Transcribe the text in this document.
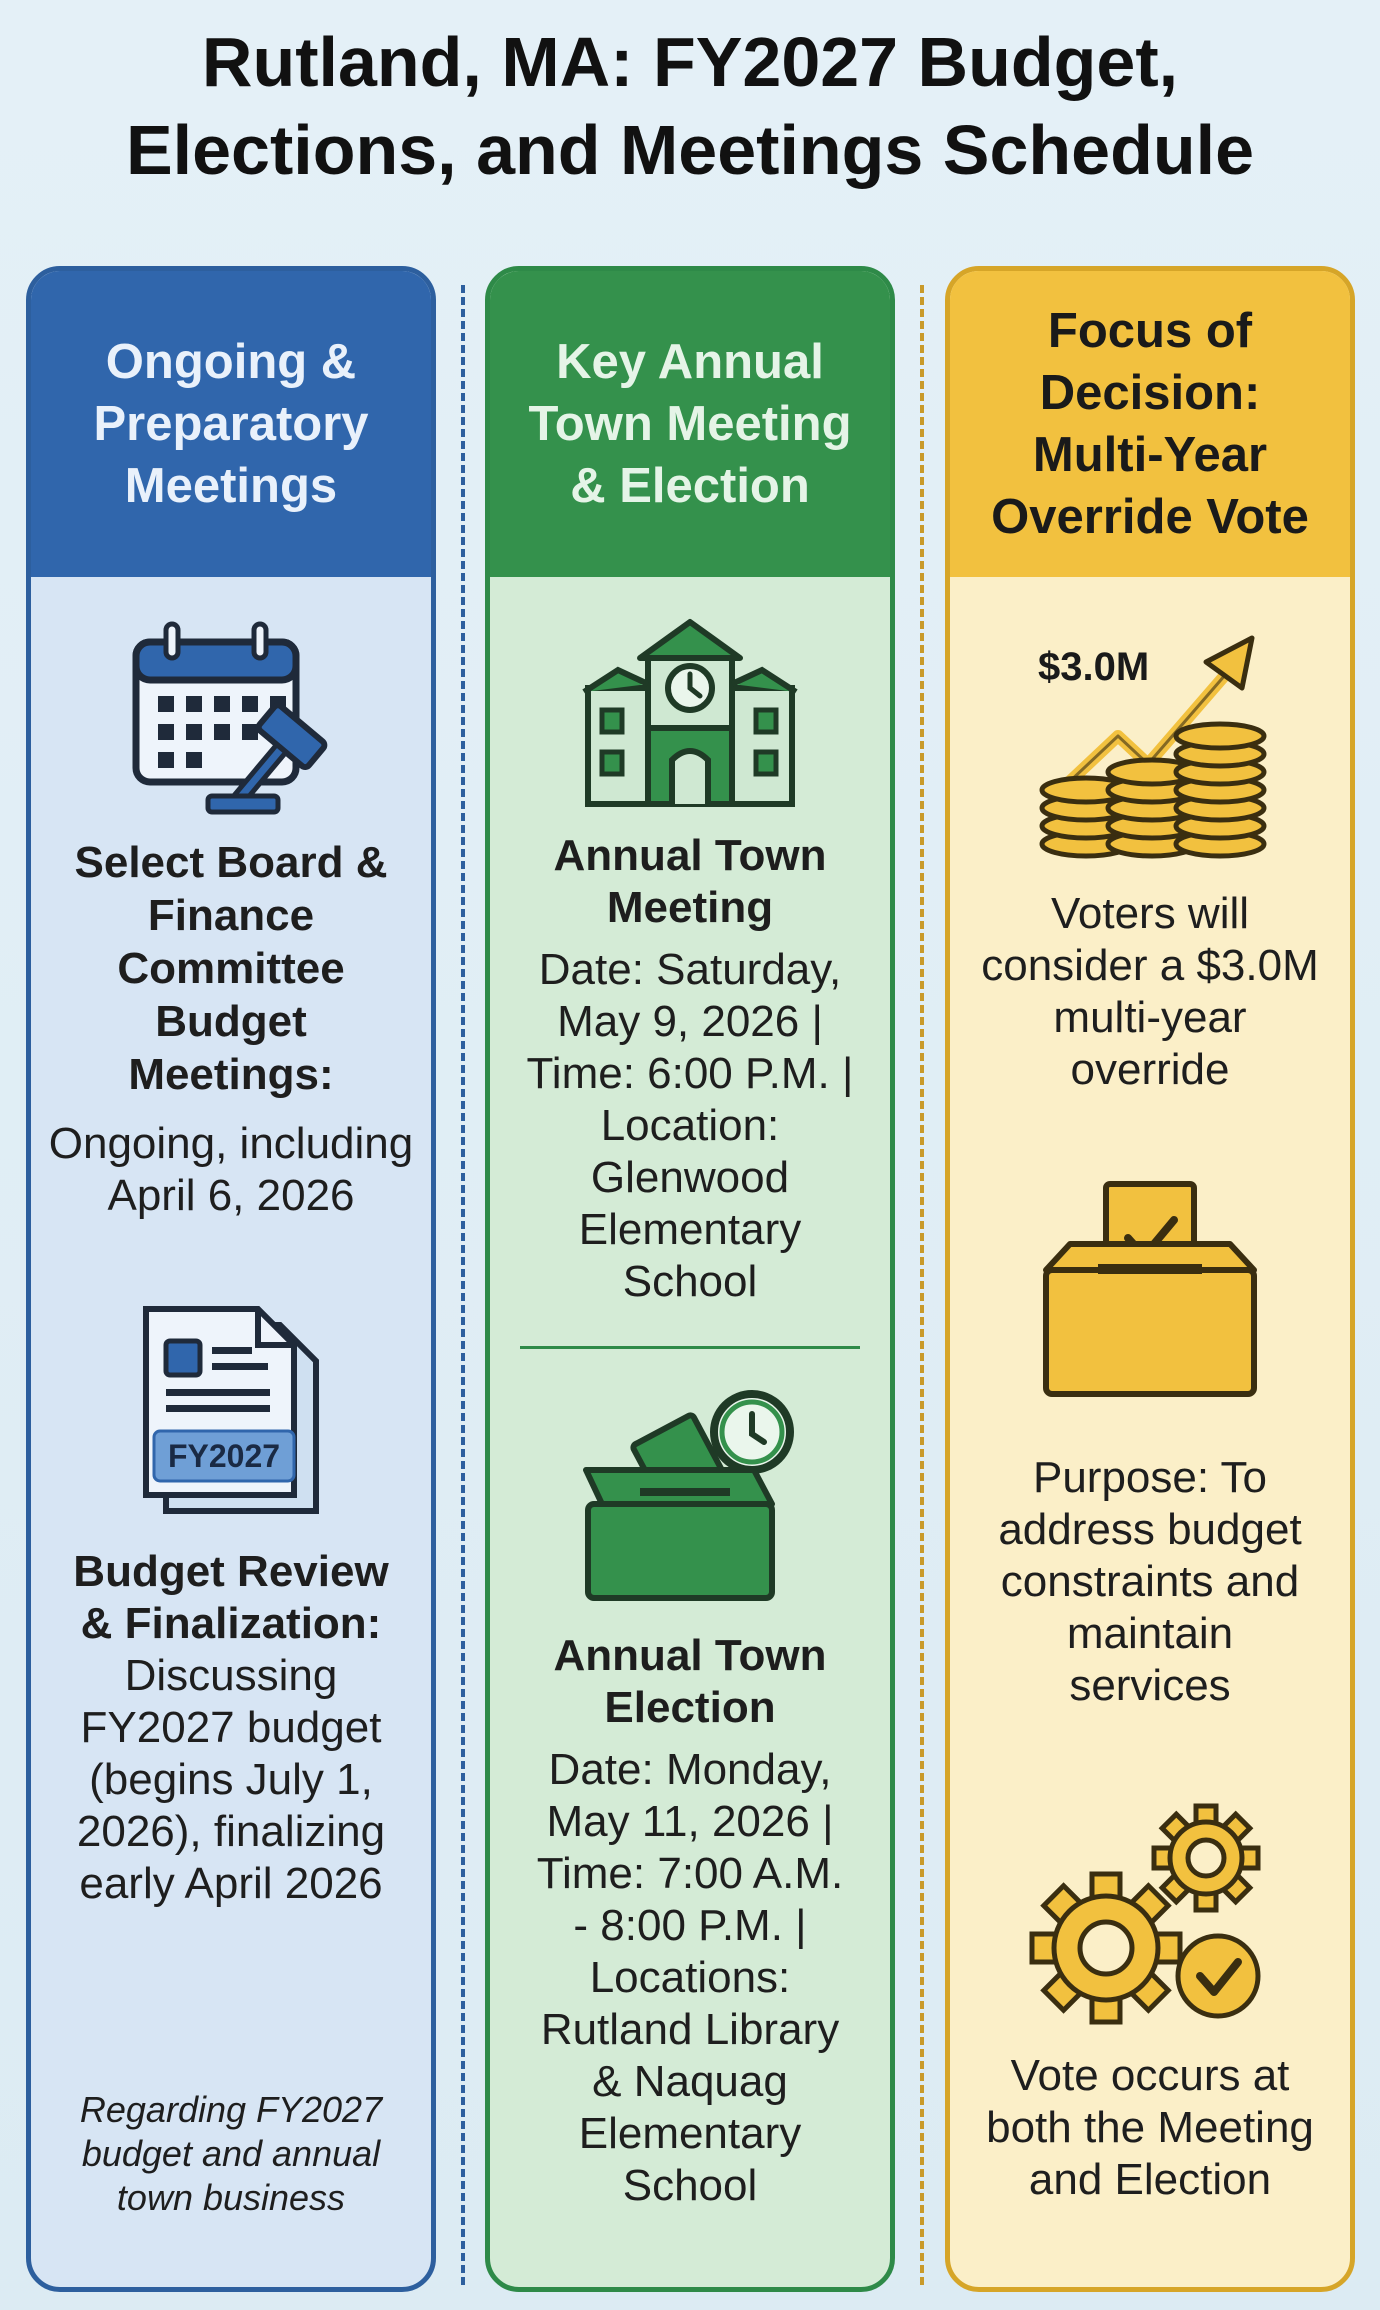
Rutland, MA: FY2027 Budget,
Elections, and Meetings Schedule
Ongoing &
Preparatory
Meetings
Key Annual
Town Meeting
& Election
Focus of
Decision:
Multi-Year
Override Vote
Select Board &
Finance
Committee
Budget
Meetings:
Ongoing, including
April 6, 2026
FY2027
Budget Review
& Finalization:
Discussing
FY2027 budget
(begins July 1,
2026), finalizing
early April 2026
Regarding FY2027
budget and annual
town business
Annual Town
Meeting
Date: Saturday,
May 9, 2026 |
Time: 6:00 P.M. |
Location:
Glenwood
Elementary
School
Annual Town
Election
Date: Monday,
May 11, 2026 |
Time: 7:00 A.M.
- 8:00 P.M. |
Locations:
Rutland Library
& Naquag
Elementary
School
$3.0M
Voters will
consider a $3.0M
multi-year
override
Purpose: To
address budget
constraints and
maintain
services
Vote occurs at
both the Meeting
and Election
